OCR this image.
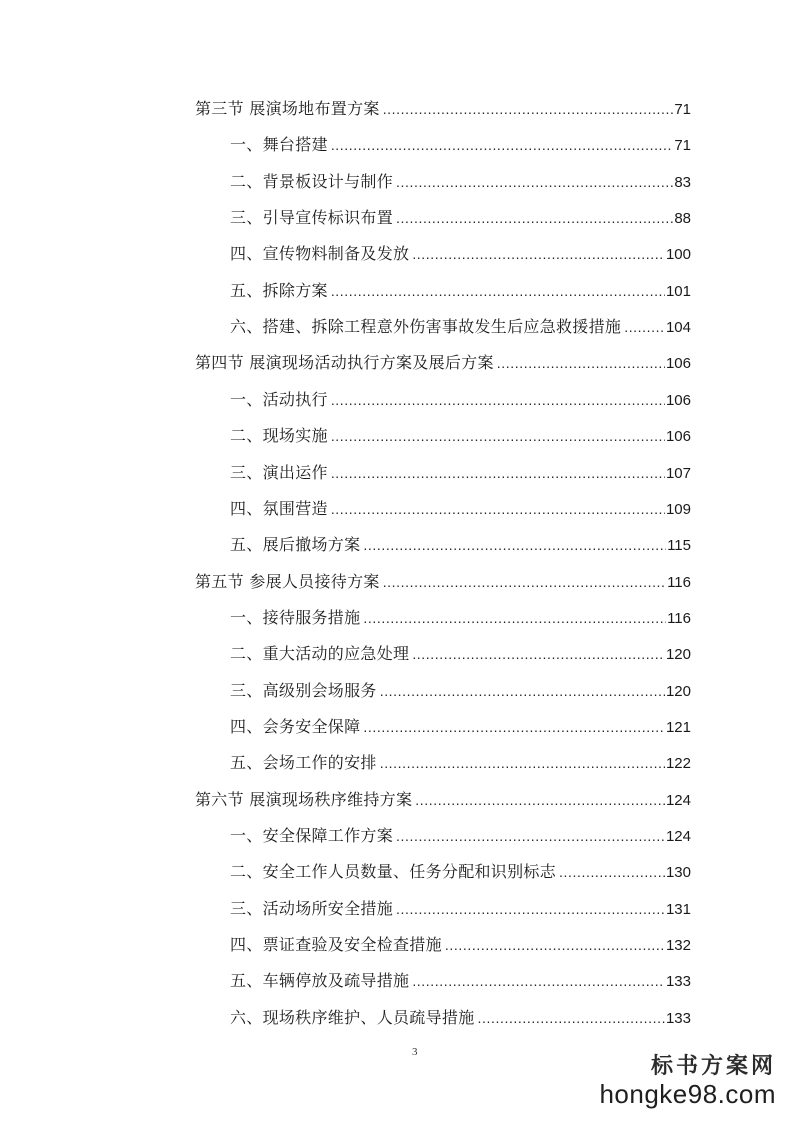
第三节 展演场地布置方案 .....	71
一、舞台搭建 .....	71
二、背景板设计与制作 .....	83
三、引导宣传标识布置 .....	88
四、宣传物料制备及发放 .....	100
五、拆除方案 .....	101
六、搭建、拆除工程意外伤害事故发生后应急救援措施 .....	104
第四节 展演现场活动执行方案及展后方案 .....	106
一、活动执行 .....	106
二、现场实施 .....	106
三、演出运作 .....	107
四、氛围营造 .....	109
五、展后撤场方案 .....	115
第五节 参展人员接待方案 .....	116
一、接待服务措施 .....	116
二、重大活动的应急处理 .....	120
三、高级别会场服务 .....	120
四、会务安全保障 .....	121
五、会场工作的安排 .....	122
第六节 展演现场秩序维持方案 .....	124
一、安全保障工作方案 .....	124
二、安全工作人员数量、任务分配和识别标志 .....	130
三、活动场所安全措施 .....	131
四、票证查验及安全检查措施 .....	132
五、车辆停放及疏导措施 .....	133
六、现场秩序维护、人员疏导措施 .....	133
3
标书方案网
hongke98.com
